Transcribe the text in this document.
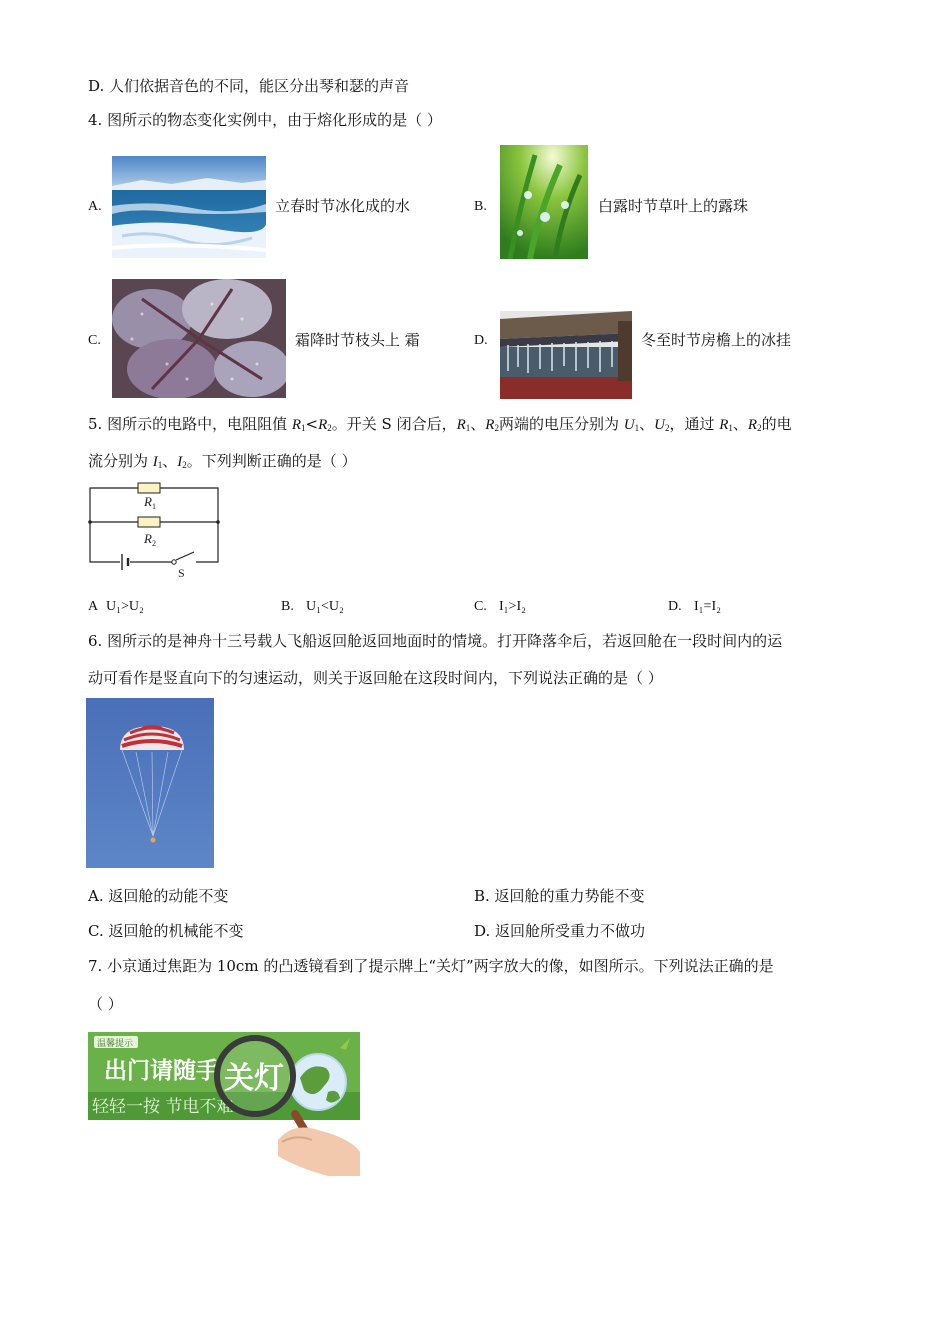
D. 人们依据音色的不同，能区分出琴和瑟的声音
4. 图所示的物态变化实例中，由于熔化形成的是（ ）
A.	立春时节冰化成的水	B.	白露时节草叶上的露珠
C.	霜降时节枝头上 霜	D.	冬至时节房檐上的冰挂
5. 图所示的电路中，电阻阻值 $R_1<R_2$。开关 S 闭合后，$R_1$、$R_2$两端的电压分别为 $U_1$、$U_2$，通过 $R_1$、$R_2$的电
流分别为 $I_1$、$I_2$。下列判断正确的是（ ）
$R_1$
$R_2$
S
A U₁>U₂	B. U₁<U₂	C. I₁>I₂	D. I₁=I₂
6. 图所示的是神舟十三号载人飞船返回舱返回地面时的情境。打开降落伞后，若返回舱在一段时间内的运
动可看作是竖直向下的匀速运动，则关于返回舱在这段时间内，下列说法正确的是（ ）
A. 返回舱的动能不变	B. 返回舱的重力势能不变
C. 返回舱的机械能不变	D. 返回舱所受重力不做功
7. 小京通过焦距为 10cm 的凸透镜看到了提示牌上“关灯”两字放大的像，如图所示。下列说法正确的是
（ ）
温馨提示
出门请随手
轻轻一按 节电不难
关灯
